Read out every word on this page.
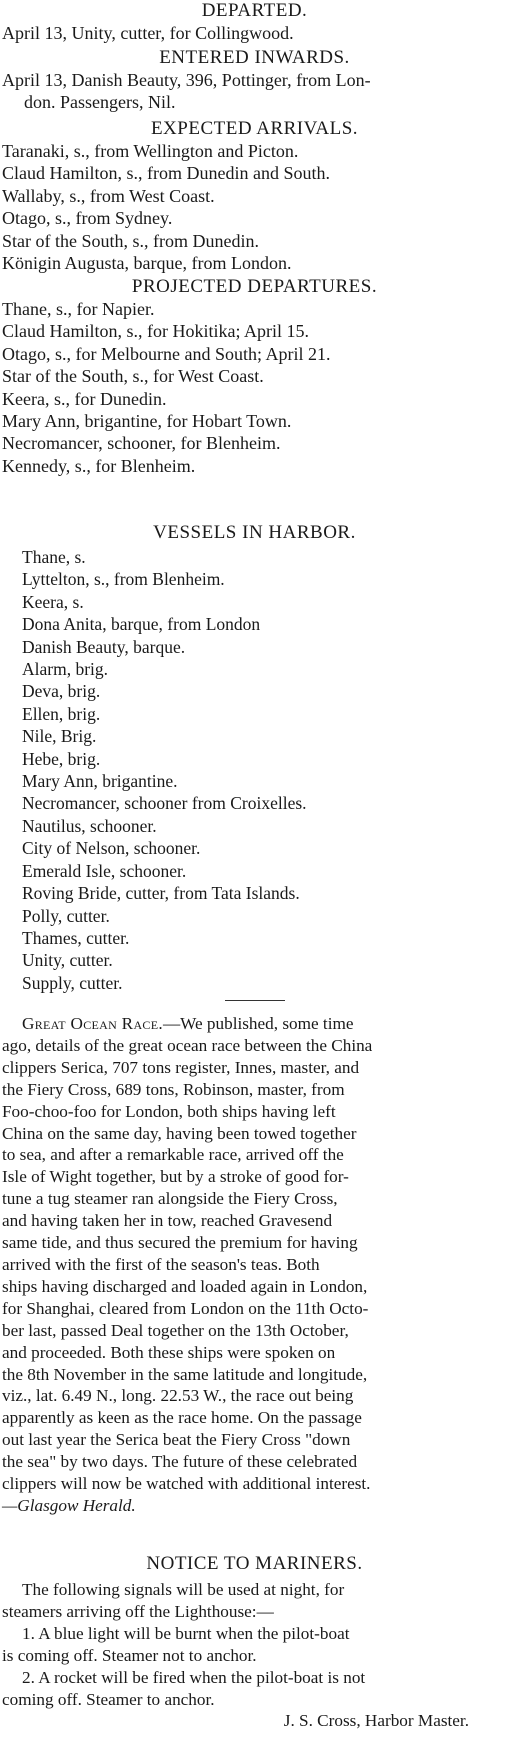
DEPARTED.

April 13, Unity, cutter, for Collingwood.

ENTERED INWARDS.

April 13, Danish Beauty, 396, Pottinger, from Lon-

don. Passengers, Nil.

EXPECTED ARRIVALS.

Taranaki, s., from Wellington and Picton.

Claud Hamilton, s., from Dunedin and South.

Wallaby, s., from West Coast.

Otago, s., from Sydney.

Star of the South, s., from Dunedin.

Königin Augusta, barque, from London.

PROJECTED DEPARTURES.

Thane, s., for Napier.

Claud Hamilton, s., for Hokitika; April 15.

Otago, s., for Melbourne and South; April 21.

Star of the South, s., for West Coast.

Keera, s., for Dunedin.

Mary Ann, brigantine, for Hobart Town.

Necromancer, schooner, for Blenheim.

Kennedy, s., for Blenheim.

VESSELS IN HARBOR.

Thane, s.

Lyttelton, s., from Blenheim.

Keera, s.

Dona Anita, barque, from London

Danish Beauty, barque.

Alarm, brig.

Deva, brig.

Ellen, brig.

Nile, Brig.

Hebe, brig.

Mary Ann, brigantine.

Necromancer, schooner from Croixelles.

Nautilus, schooner.

City of Nelson, schooner.

Emerald Isle, schooner.

Roving Bride, cutter, from Tata Islands.

Polly, cutter.

Thames, cutter.

Unity, cutter.

Supply, cutter.

Great Ocean Race.—We published, some time

ago, details of the great ocean race between the China

clippers Serica, 707 tons register, Innes, master, and

the Fiery Cross, 689 tons, Robinson, master, from

Foo-choo-foo for London, both ships having left

China on the same day, having been towed together

to sea, and after a remarkable race, arrived off the

Isle of Wight together, but by a stroke of good for-

tune a tug steamer ran alongside the Fiery Cross,

and having taken her in tow, reached Gravesend

same tide, and thus secured the premium for having

arrived with the first of the season's teas. Both

ships having discharged and loaded again in London,

for Shanghai, cleared from London on the 11th Octo-

ber last, passed Deal together on the 13th October,

and proceeded. Both these ships were spoken on

the 8th November in the same latitude and longitude,

viz., lat. 6.49 N., long. 22.53 W., the race out being

apparently as keen as the race home. On the passage

out last year the Serica beat the Fiery Cross "down

the sea" by two days. The future of these celebrated

clippers will now be watched with additional interest.

—Glasgow Herald.

NOTICE TO MARINERS.

The following signals will be used at night, for

steamers arriving off the Lighthouse:—

1. A blue light will be burnt when the pilot-boat

is coming off. Steamer not to anchor.

2. A rocket will be fired when the pilot-boat is not

coming off. Steamer to anchor.

J. S. Cross, Harbor Master.
